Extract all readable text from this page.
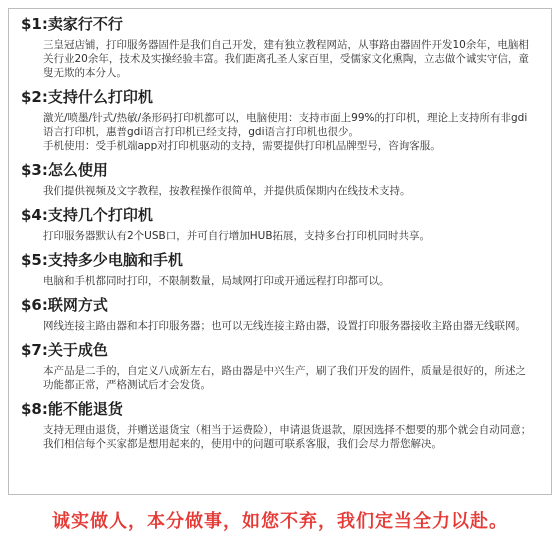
$1:卖家行不行

三皇冠店铺，打印服务器固件是我们自己开发，建有独立教程网站，从事路由器固件开发10余年，电脑相关行业20余年，技术及实操经验丰富。我们距离孔圣人家百里，受儒家文化熏陶，立志做个诚实守信，童叟无欺的本分人。

$2:支持什么打印机

激光/喷墨/针式/热敏/条形码打印机都可以，电脑使用：支持市面上99%的打印机，理论上支持所有非gdi语言打印机，惠普gdi语言打印机已经支持，gdi语言打印机也很少。

手机使用：受手机端app对打印机驱动的支持，需要提供打印机品牌型号，咨询客服。

$3:怎么使用

我们提供视频及文字教程，按教程操作很简单，并提供质保期内在线技术支持。

$4:支持几个打印机

打印服务器默认有2个USB口，并可自行增加HUB拓展，支持多台打印机同时共享。

$5:支持多少电脑和手机

电脑和手机都同时打印，不限制数量，局域网打印或开通远程打印都可以。

$6:联网方式

网线连接主路由器和本打印服务器；也可以无线连接主路由器，设置打印服务器接收主路由器无线联网。

$7:关于成色

本产品是二手的，自定义八成新左右，路由器是中兴生产，刷了我们开发的固件，质量是很好的，所述之功能都正常，严格测试后才会发货。

$8:能不能退货

支持无理由退货，并赠送退货宝（相当于运费险），申请退货退款，原因选择不想要的那个就会自动同意；我们相信每个买家都是想用起来的，使用中的问题可联系客服，我们会尽力帮您解决。

诚实做人，本分做事，如您不弃，我们定当全力以赴。
